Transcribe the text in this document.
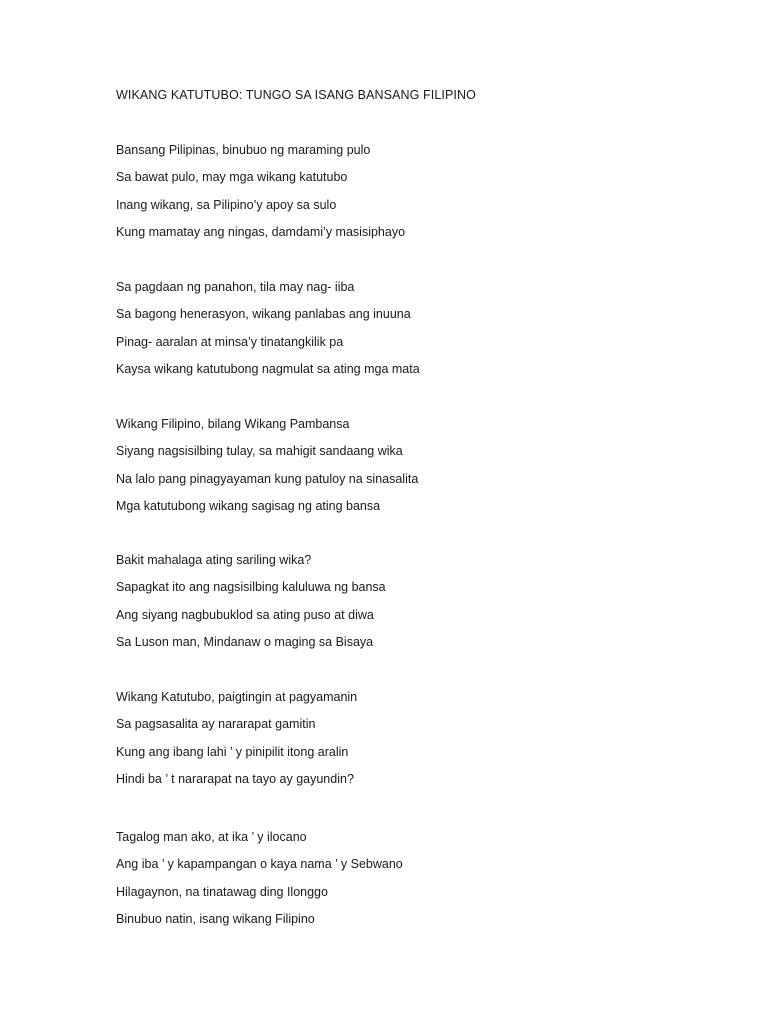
WIKANG KATUTUBO: TUNGO SA ISANG BANSANG FILIPINO
Bansang Pilipinas, binubuo ng maraming pulo
Sa bawat pulo, may mga wikang katutubo
Inang wikang, sa Pilipino’y apoy sa sulo
Kung mamatay ang ningas, damdami’y masisiphayo
Sa pagdaan ng panahon, tila may nag- iiba
Sa bagong henerasyon, wikang panlabas ang inuuna
Pinag- aaralan at minsa’y tinatangkilik pa
Kaysa wikang katutubong nagmulat sa ating mga mata
Wikang Filipino, bilang Wikang Pambansa
Siyang nagsisilbing tulay, sa mahigit sandaang wika
Na lalo pang pinagyayaman kung patuloy na sinasalita
Mga katutubong wikang sagisag ng ating bansa
Bakit mahalaga ating sariling wika?
Sapagkat ito ang nagsisilbing kaluluwa ng bansa
Ang siyang nagbubuklod sa ating puso at diwa
Sa Luson man, Mindanaw o maging sa Bisaya
Wikang Katutubo, paigtingin at pagyamanin
Sa pagsasalita ay nararapat gamitin
Kung ang ibang lahi ’ y pinipilit itong aralin
Hindi ba ’ t nararapat na tayo ay gayundin?
Tagalog man ako, at ika ’ y ilocano
Ang iba ’ y kapampangan o kaya nama ’ y Sebwano
Hilagaynon, na tinatawag ding Ilonggo
Binubuo natin, isang wikang Filipino
